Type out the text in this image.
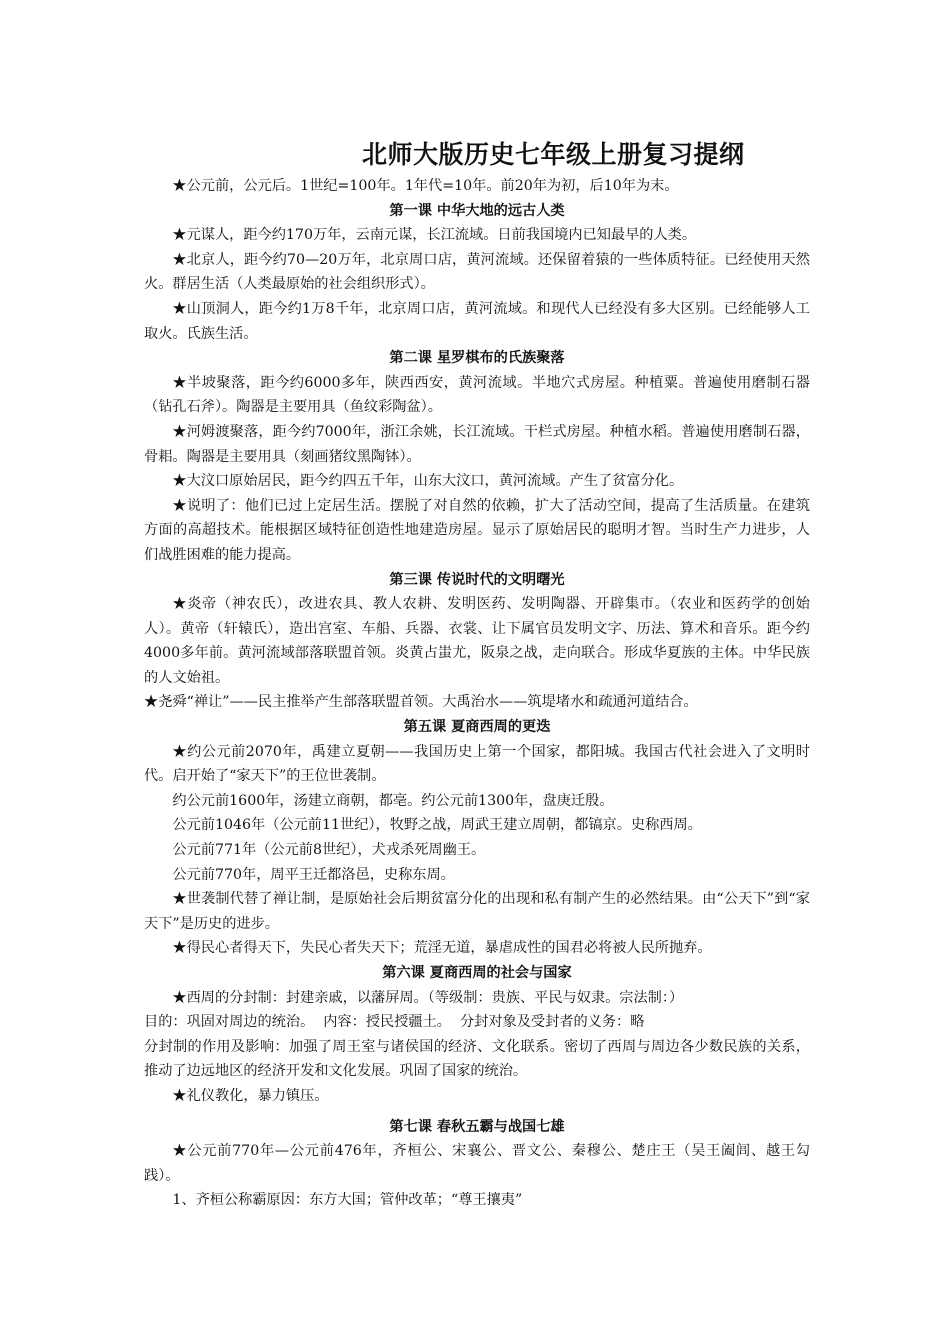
北师大版历史七年级上册复习提纲

★公元前，公元后。1世纪=100年。1年代=10年。前20年为初，后10年为末。

第一课 中华大地的远古人类

★元谋人，距今约170万年，云南元谋，长江流域。日前我国境内已知最早的人类。

★北京人，距今约70—20万年，北京周口店，黄河流域。还保留着猿的一些体质特征。已经使用天然火。群居生活（人类最原始的社会组织形式）。

★山顶洞人，距今约1万8千年，北京周口店，黄河流域。和现代人已经没有多大区别。已经能够人工取火。氏族生活。

第二课 星罗棋布的氏族聚落

★半坡聚落，距今约6000多年，陕西西安，黄河流域。半地穴式房屋。种植粟。普遍使用磨制石器（钻孔石斧）。陶器是主要用具（鱼纹彩陶盆）。

★河姆渡聚落，距今约7000年，浙江余姚，长江流域。干栏式房屋。种植水稻。普遍使用磨制石器，骨耜。陶器是主要用具（刻画猪纹黑陶钵）。

★大汶口原始居民，距今约四五千年，山东大汶口，黄河流域。产生了贫富分化。

★说明了：他们已过上定居生活。摆脱了对自然的依赖，扩大了活动空间，提高了生活质量。在建筑方面的高超技术。能根据区域特征创造性地建造房屋。显示了原始居民的聪明才智。当时生产力进步，人们战胜困难的能力提高。

第三课 传说时代的文明曙光

★炎帝（神农氏），改进农具、教人农耕、发明医药、发明陶器、开辟集市。（农业和医药学的创始人）。黄帝（轩辕氏），造出宫室、车船、兵器、衣裳、让下属官员发明文字、历法、算术和音乐。距今约4000多年前。黄河流域部落联盟首领。炎黄占蚩尤，阪泉之战，走向联合。形成华夏族的主体。中华民族的人文始祖。

★尧舜“禅让”——民主推举产生部落联盟首领。大禹治水——筑堤堵水和疏通河道结合。

第五课 夏商西周的更迭

★约公元前2070年，禹建立夏朝——我国历史上第一个国家，都阳城。我国古代社会进入了文明时代。启开始了“家天下”的王位世袭制。

约公元前1600年，汤建立商朝，都亳。约公元前1300年，盘庚迁殷。

公元前1046年（公元前11世纪），牧野之战，周武王建立周朝，都镐京。史称西周。

公元前771年（公元前8世纪），犬戎杀死周幽王。

公元前770年，周平王迁都洛邑，史称东周。

★世袭制代替了禅让制，是原始社会后期贫富分化的出现和私有制产生的必然结果。由“公天下”到“家天下”是历史的进步。

★得民心者得天下，失民心者失天下；荒淫无道，暴虐成性的国君必将被人民所抛弃。

第六课 夏商西周的社会与国家

★西周的分封制：封建亲戚，以藩屏周。（等级制：贵族、平民与奴隶。宗法制：）

目的：巩固对周边的统治。  内容：授民授疆土。  分封对象及受封者的义务：略

分封制的作用及影响：加强了周王室与诸侯国的经济、文化联系。密切了西周与周边各少数民族的关系，推动了边远地区的经济开发和文化发展。巩固了国家的统治。

★礼仪教化，暴力镇压。

第七课 春秋五霸与战国七雄

★公元前770年—公元前476年，齐桓公、宋襄公、晋文公、秦穆公、楚庄王（吴王阖闾、越王勾践）。

1、齐桓公称霸原因：东方大国；管仲改革；“尊王攘夷”
